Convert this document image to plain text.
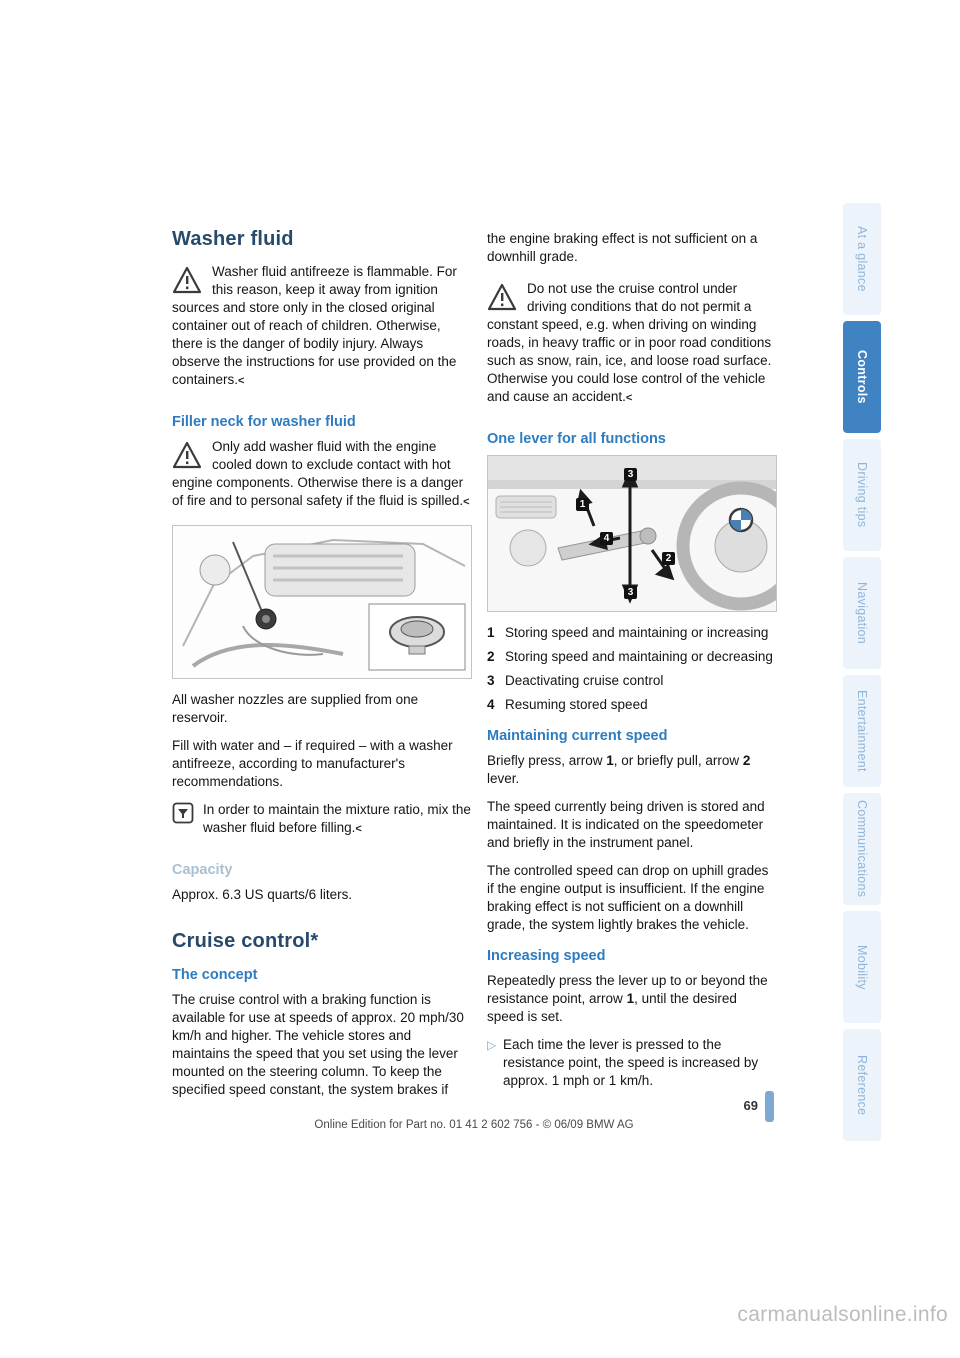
Washer fluid

Washer fluid antifreeze is flammable. For this reason, keep it away from ignition sources and store only in the closed original container out of reach of children. Otherwise, there is the danger of bodily injury. Always observe the instructions for use provided on the containers.<

Filler neck for washer fluid

Only add washer fluid with the engine cooled down to exclude contact with hot engine components. Otherwise there is a danger of fire and to personal safety if the fluid is spilled.<

All washer nozzles are supplied from one reservoir.

Fill with water and – if required – with a washer antifreeze, according to manufacturer's recommendations.

In order to maintain the mixture ratio, mix the washer fluid before filling.<

Capacity

Approx. 6.3 US quarts/6 liters.

Cruise control*
The concept

The cruise control with a braking function is available for use at speeds of approx. 20 mph/30 km/h and higher. The vehicle stores and maintains the speed that you set using the lever mounted on the steering column. To keep the specified speed constant, the system brakes if

the engine braking effect is not sufficient on a downhill grade.

Do not use the cruise control under driving conditions that do not permit a constant speed, e.g. when driving on winding roads, in heavy traffic or in poor road conditions such as snow, rain, ice, and loose road surface. Otherwise you could lose control of the vehicle and cause an accident.<

One lever for all functions
3
1
4
2
3
1 Storing speed and maintaining or increasing
2 Storing speed and maintaining or decreasing
3 Deactivating cruise control
4 Resuming stored speed
Maintaining current speed

Briefly press, arrow 1, or briefly pull, arrow 2 lever.

The speed currently being driven is stored and maintained. It is indicated on the speedometer and briefly in the instrument panel.

The controlled speed can drop on uphill grades if the engine output is insufficient. If the engine braking effect is not sufficient on a downhill grade, the system lightly brakes the vehicle.

Increasing speed

Repeatedly press the lever up to or beyond the resistance point, arrow 1, until the desired speed is set.

▷ Each time the lever is pressed to the resistance point, the speed is increased by approx. 1 mph or 1 km/h.

At a glance
Controls
Driving tips
Navigation
Entertainment
Communications
Mobility
Reference
69
Online Edition for Part no. 01 41 2 602 756 - © 06/09 BMW AG
carmanualsonline.info
